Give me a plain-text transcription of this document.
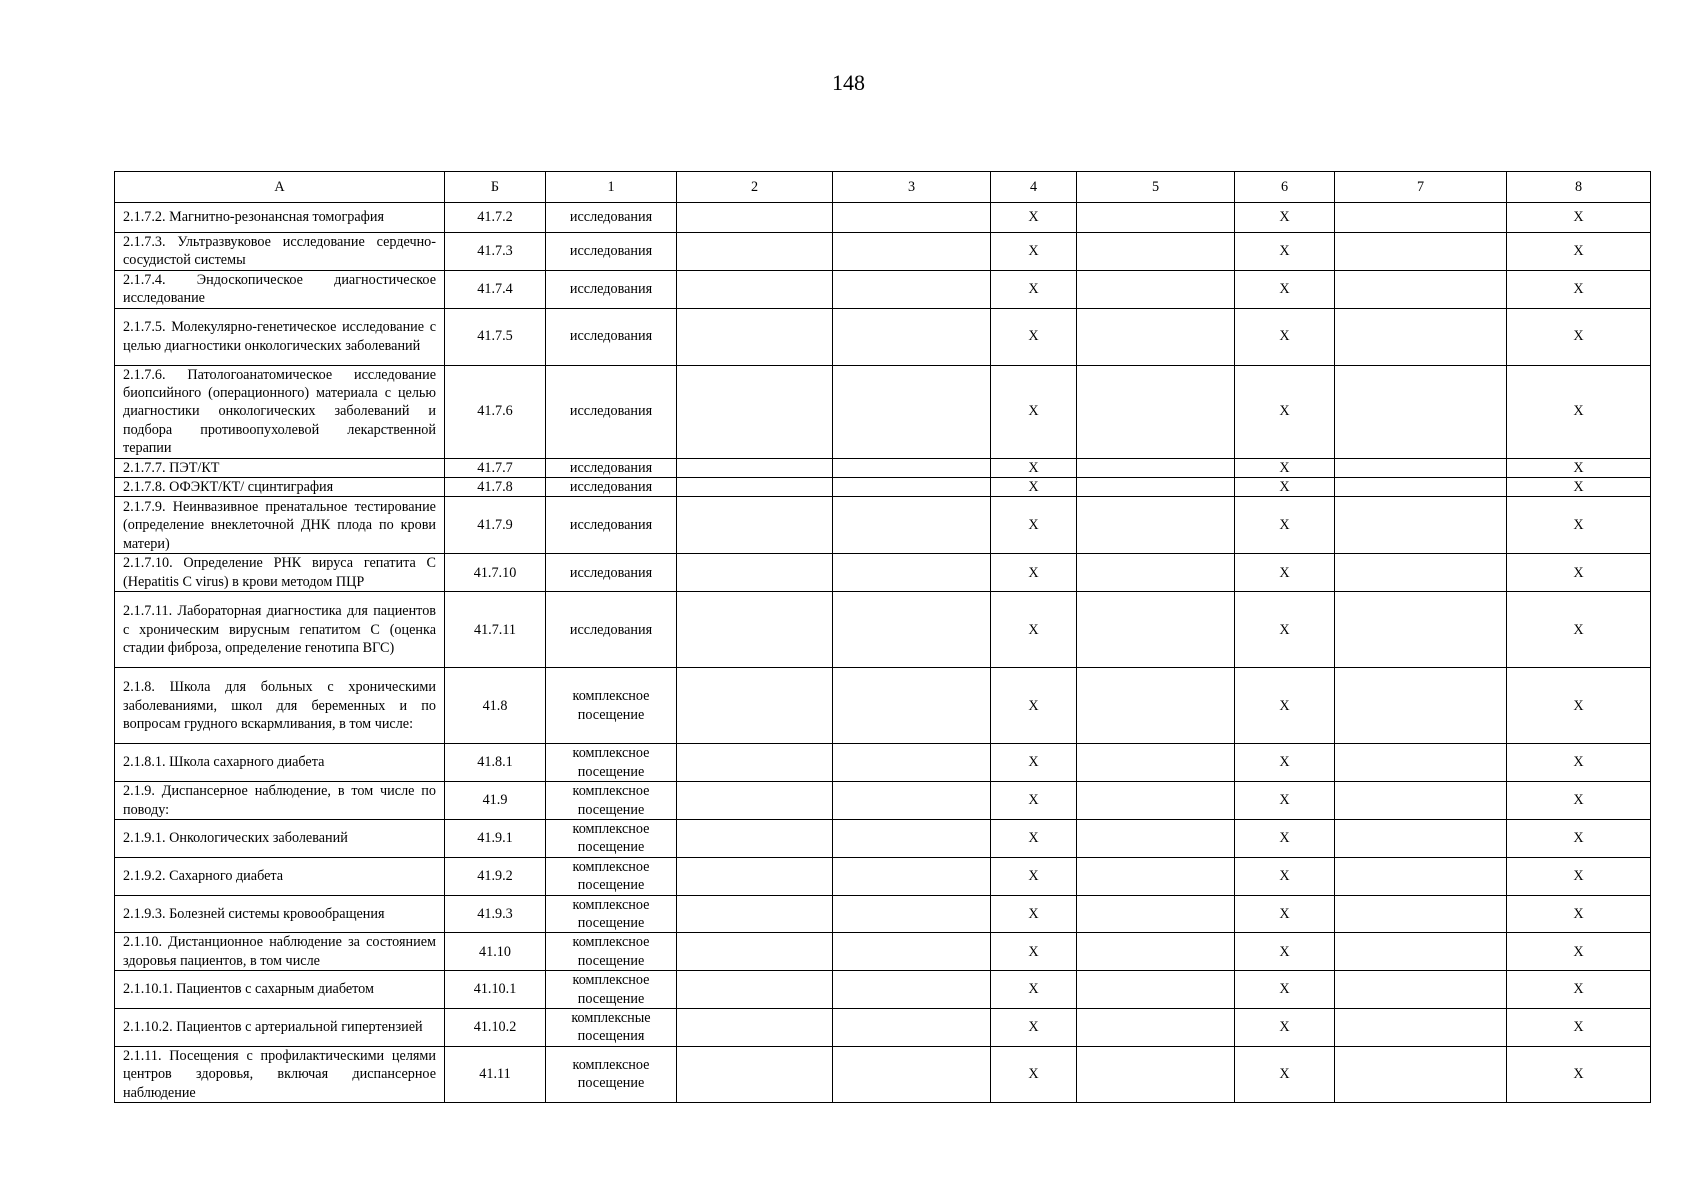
148
А	Б	1	2	3	4	5	6	7	8
2.1.7.2. Магнитно-резонансная томография	41.7.2	исследования			X		X		X
2.1.7.3. Ультразвуковое исследование сердечно-сосудистой системы	41.7.3	исследования			X		X		X
2.1.7.4. Эндоскопическое диагностическое исследование	41.7.4	исследования			X		X		X
2.1.7.5. Молекулярно-генетическое исследование с целью диагностики онкологических заболеваний	41.7.5	исследования			X		X		X
2.1.7.6. Патологоанатомическое исследование биопсийного (операционного) материала с целью диагностики онкологических заболеваний и подбора противоопухолевой лекарственной терапии	41.7.6	исследования			X		X		X
2.1.7.7. ПЭТ/КТ	41.7.7	исследования			X		X		X
2.1.7.8. ОФЭКТ/КТ/ сцинтиграфия	41.7.8	исследования			X		X		X
2.1.7.9. Неинвазивное пренатальное тестирование (определение внеклеточной ДНК плода по крови матери)	41.7.9	исследования			X		X		X
2.1.7.10. Определение РНК вируса гепатита C (Hepatitis C virus) в крови методом ПЦР	41.7.10	исследования			X		X		X
2.1.7.11. Лабораторная диагностика для пациентов с хроническим вирусным гепатитом C (оценка стадии фиброза, определение генотипа ВГС)	41.7.11	исследования			X		X		X
2.1.8. Школа для больных с хроническими заболеваниями, школ для беременных и по вопросам грудного вскармливания, в том числе:	41.8	комплексное посещение			X		X		X
2.1.8.1. Школа сахарного диабета	41.8.1	комплексное посещение			X		X		X
2.1.9. Диспансерное наблюдение, в том числе по поводу:	41.9	комплексное посещение			X		X		X
2.1.9.1. Онкологических заболеваний	41.9.1	комплексное посещение			X		X		X
2.1.9.2. Сахарного диабета	41.9.2	комплексное посещение			X		X		X
2.1.9.3. Болезней системы кровообращения	41.9.3	комплексное посещение			X		X		X
2.1.10. Дистанционное наблюдение за состоянием здоровья пациентов, в том числе	41.10	комплексное посещение			X		X		X
2.1.10.1. Пациентов с сахарным диабетом	41.10.1	комплексное посещение			X		X		X
2.1.10.2. Пациентов с артериальной гипертензией	41.10.2	комплексные посещения			X		X		X
2.1.11. Посещения с профилактическими целями центров здоровья, включая диспансерное наблюдение	41.11	комплексное посещение			X		X		X
